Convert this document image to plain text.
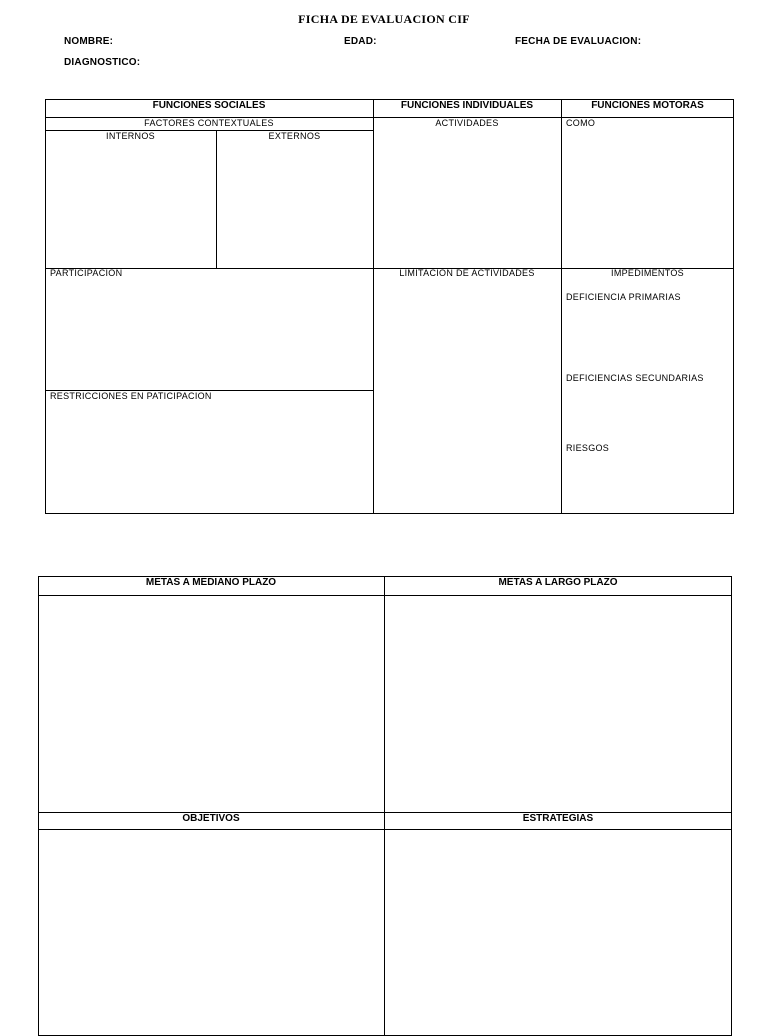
FICHA DE EVALUACION CIF
NOMBRE:	EDAD:	FECHA DE EVALUACION:
DIAGNOSTICO:
FUNCIONES SOCIALES	FUNCIONES INDIVIDUALES	FUNCIONES MOTORAS
FACTORES CONTEXTUALES
INTERNOS	EXTERNOS
ACTIVIDADES	COMO
PARTICIPACION
RESTRICCIONES EN PATICIPACION
LIMITACION DE ACTIVIDADES	IMPEDIMENTOS
DEFICIENCIA PRIMARIAS
DEFICIENCIAS SECUNDARIAS
RIESGOS
METAS A MEDIANO PLAZO	METAS A LARGO PLAZO
OBJETIVOS	ESTRATEGIAS
